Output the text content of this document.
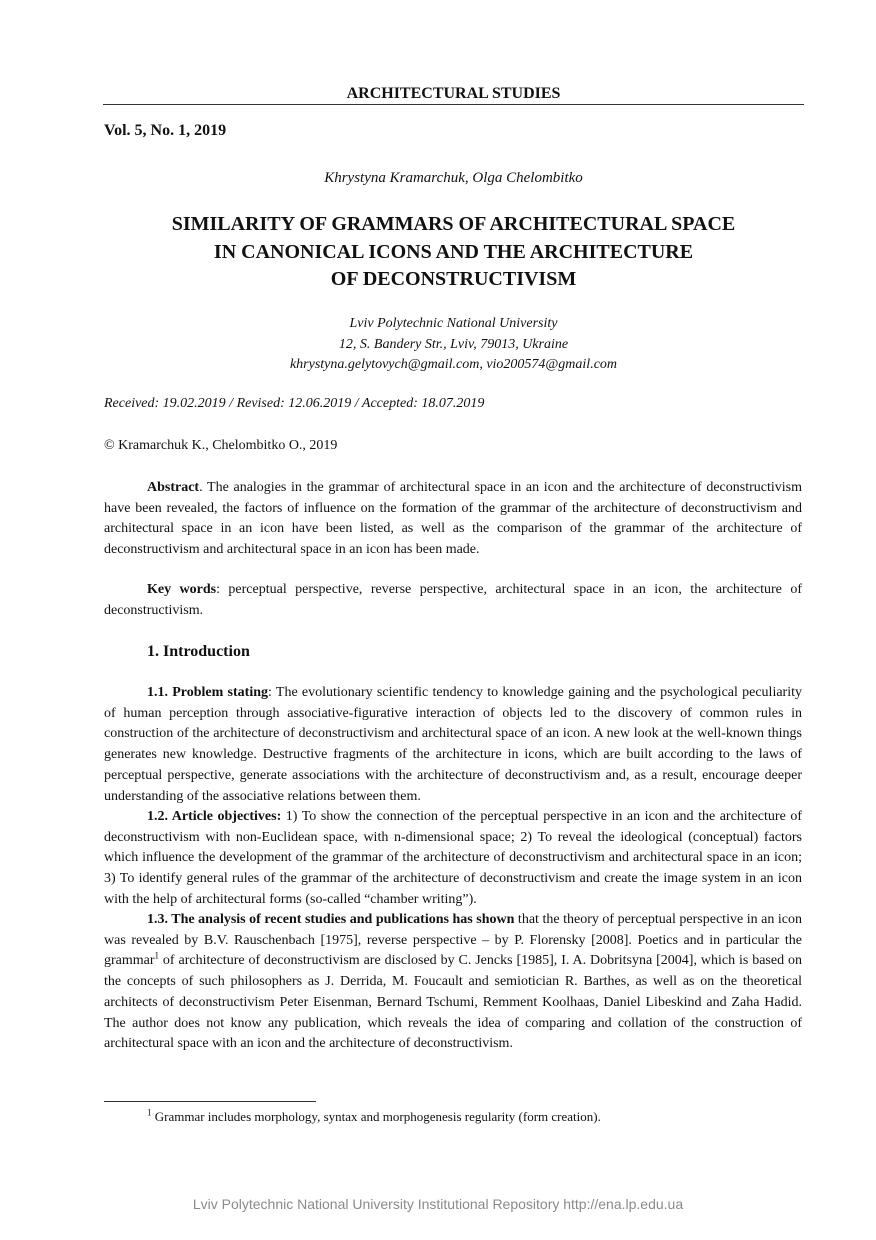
ARCHITECTURAL STUDIES
Vol. 5, No. 1, 2019
Khrystyna Kramarchuk, Olga Chelombitko
SIMILARITY OF GRAMMARS OF ARCHITECTURAL SPACE
IN CANONICAL ICONS AND THE ARCHITECTURE
OF DECONSTRUCTIVISM
Lviv Polytechnic National University
12, S. Bandery Str., Lviv, 79013, Ukraine
khrystyna.gelytovych@gmail.com, vio200574@gmail.com
Received: 19.02.2019 / Revised: 12.06.2019 / Accepted: 18.07.2019
© Kramarchuk K., Chelombitko O., 2019

Abstract. The analogies in the grammar of architectural space in an icon and the architecture of deconstructivism have been revealed, the factors of influence on the formation of the grammar of the architecture of deconstructivism and architectural space in an icon have been listed, as well as the comparison of the grammar of the architecture of deconstructivism and architectural space in an icon has been made.

Key words: perceptual perspective, reverse perspective, architectural space in an icon, the architecture of deconstructivism.

1. Introduction

1.1. Problem stating: The evolutionary scientific tendency to knowledge gaining and the psychological peculiarity of human perception through associative-figurative interaction of objects led to the discovery of common rules in construction of the architecture of deconstructivism and architectural space of an icon. A new look at the well-known things generates new knowledge. Destructive fragments of the architecture in icons, which are built according to the laws of perceptual perspective, generate associations with the architecture of deconstructivism and, as a result, encourage deeper understanding of the associative relations between them.

1.2. Article objectives: 1) To show the connection of the perceptual perspective in an icon and the architecture of deconstructivism with non-Euclidean space, with n-dimensional space; 2) To reveal the ideological (conceptual) factors which influence the development of the grammar of the architecture of deconstructivism and architectural space in an icon; 3) To identify general rules of the grammar of the architecture of deconstructivism and create the image system in an icon with the help of architectural forms (so-called “chamber writing”).

1.3. The analysis of recent studies and publications has shown that the theory of perceptual perspective in an icon was revealed by B.V. Rauschenbach [1975], reverse perspective – by P. Florensky [2008]. Poetics and in particular the grammar$^1$ of architecture of deconstructivism are disclosed by C. Jencks [1985], I. A. Dobritsyna [2004], which is based on the concepts of such philosophers as J. Derrida, M. Foucault and semiotician R. Barthes, as well as on the theoretical architects of deconstructivism Peter Eisenman, Bernard Tschumi, Remment Koolhaas, Daniel Libeskind and Zaha Hadid. The author does not know any publication, which reveals the idea of comparing and collation of the construction of architectural space with an icon and the architecture of deconstructivism.

$^1$ Grammar includes morphology, syntax and morphogenesis regularity (form creation).
Lviv Polytechnic National University Institutional Repository http://ena.lp.edu.ua
